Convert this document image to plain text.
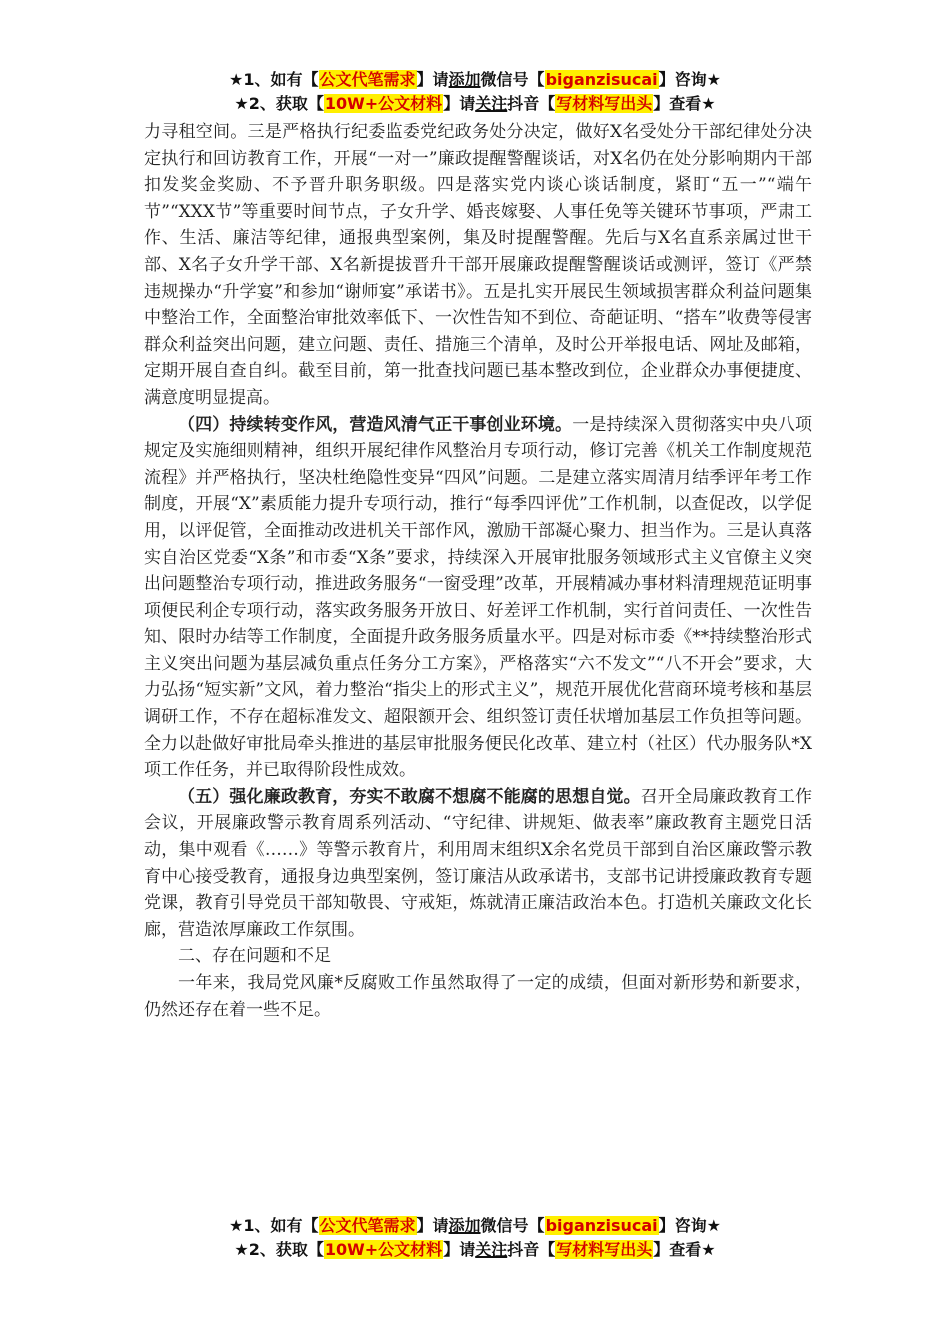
★1、如有【公文代笔需求】请添加微信号【biganzisucai】咨询★
★2、获取【10W+公文材料】请关注抖音【写材料写出头】查看★

力寻租空间。三是严格执行纪委监委党纪政务处分决定，做好X名受处分干部纪律处分决定执行和回访教育工作，开展“一对一”廉政提醒警醒谈话，对X名仍在处分影响期内干部扣发奖金奖励、不予晋升职务职级。四是落实党内谈心谈话制度，紧盯“五一”“端午节”“XXX节”等重要时间节点，子女升学、婚丧嫁娶、人事任免等关键环节事项，严肃工作、生活、廉洁等纪律，通报典型案例，集及时提醒警醒。先后与X名直系亲属过世干部、X名子女升学干部、X名新提拔晋升干部开展廉政提醒警醒谈话或测评，签订《严禁违规操办“升学宴”和参加“谢师宴”承诺书》。五是扎实开展民生领域损害群众利益问题集中整治工作，全面整治审批效率低下、一次性告知不到位、奇葩证明、“搭车”收费等侵害群众利益突出问题，建立问题、责任、措施三个清单，及时公开举报电话、网址及邮箱，定期开展自查自纠。截至目前，第一批查找问题已基本整改到位，企业群众办事便捷度、满意度明显提高。

（四）持续转变作风，营造风清气正干事创业环境。一是持续深入贯彻落实中央八项规定及实施细则精神，组织开展纪律作风整治月专项行动，修订完善《机关工作制度规范流程》并严格执行，坚决杜绝隐性变异“四风”问题。二是建立落实周清月结季评年考工作制度，开展“X”素质能力提升专项行动，推行“每季四评优”工作机制，以查促改，以学促用，以评促管，全面推动改进机关干部作风，激励干部凝心聚力、担当作为。三是认真落实自治区党委“X条”和市委“X条”要求，持续深入开展审批服务领域形式主义官僚主义突出问题整治专项行动，推进政务服务“一窗受理”改革，开展精减办事材料清理规范证明事项便民利企专项行动，落实政务服务开放日、好差评工作机制，实行首问责任、一次性告知、限时办结等工作制度，全面提升政务服务质量水平。四是对标市委《**持续整治形式主义突出问题为基层减负重点任务分工方案》，严格落实“六不发文”“八不开会”要求，大力弘扬“短实新”文风，着力整治“指尖上的形式主义”，规范开展优化营商环境考核和基层调研工作，不存在超标准发文、超限额开会、组织签订责任状增加基层工作负担等问题。全力以赴做好审批局牵头推进的基层审批服务便民化改革、建立村（社区）代办服务队*X项工作任务，并已取得阶段性成效。

（五）强化廉政教育，夯实不敢腐不想腐不能腐的思想自觉。召开全局廉政教育工作会议，开展廉政警示教育周系列活动、“守纪律、讲规矩、做表率”廉政教育主题党日活动，集中观看《……》等警示教育片，利用周末组织X余名党员干部到自治区廉政警示教育中心接受教育，通报身边典型案例，签订廉洁从政承诺书，支部书记讲授廉政教育专题党课，教育引导党员干部知敬畏、守戒矩，炼就清正廉洁政治本色。打造机关廉政文化长廊，营造浓厚廉政工作氛围。

二、存在问题和不足

一年来，我局党风廉*反腐败工作虽然取得了一定的成绩，但面对新形势和新要求，仍然还存在着一些不足。

★1、如有【公文代笔需求】请添加微信号【biganzisucai】咨询★
★2、获取【10W+公文材料】请关注抖音【写材料写出头】查看★
